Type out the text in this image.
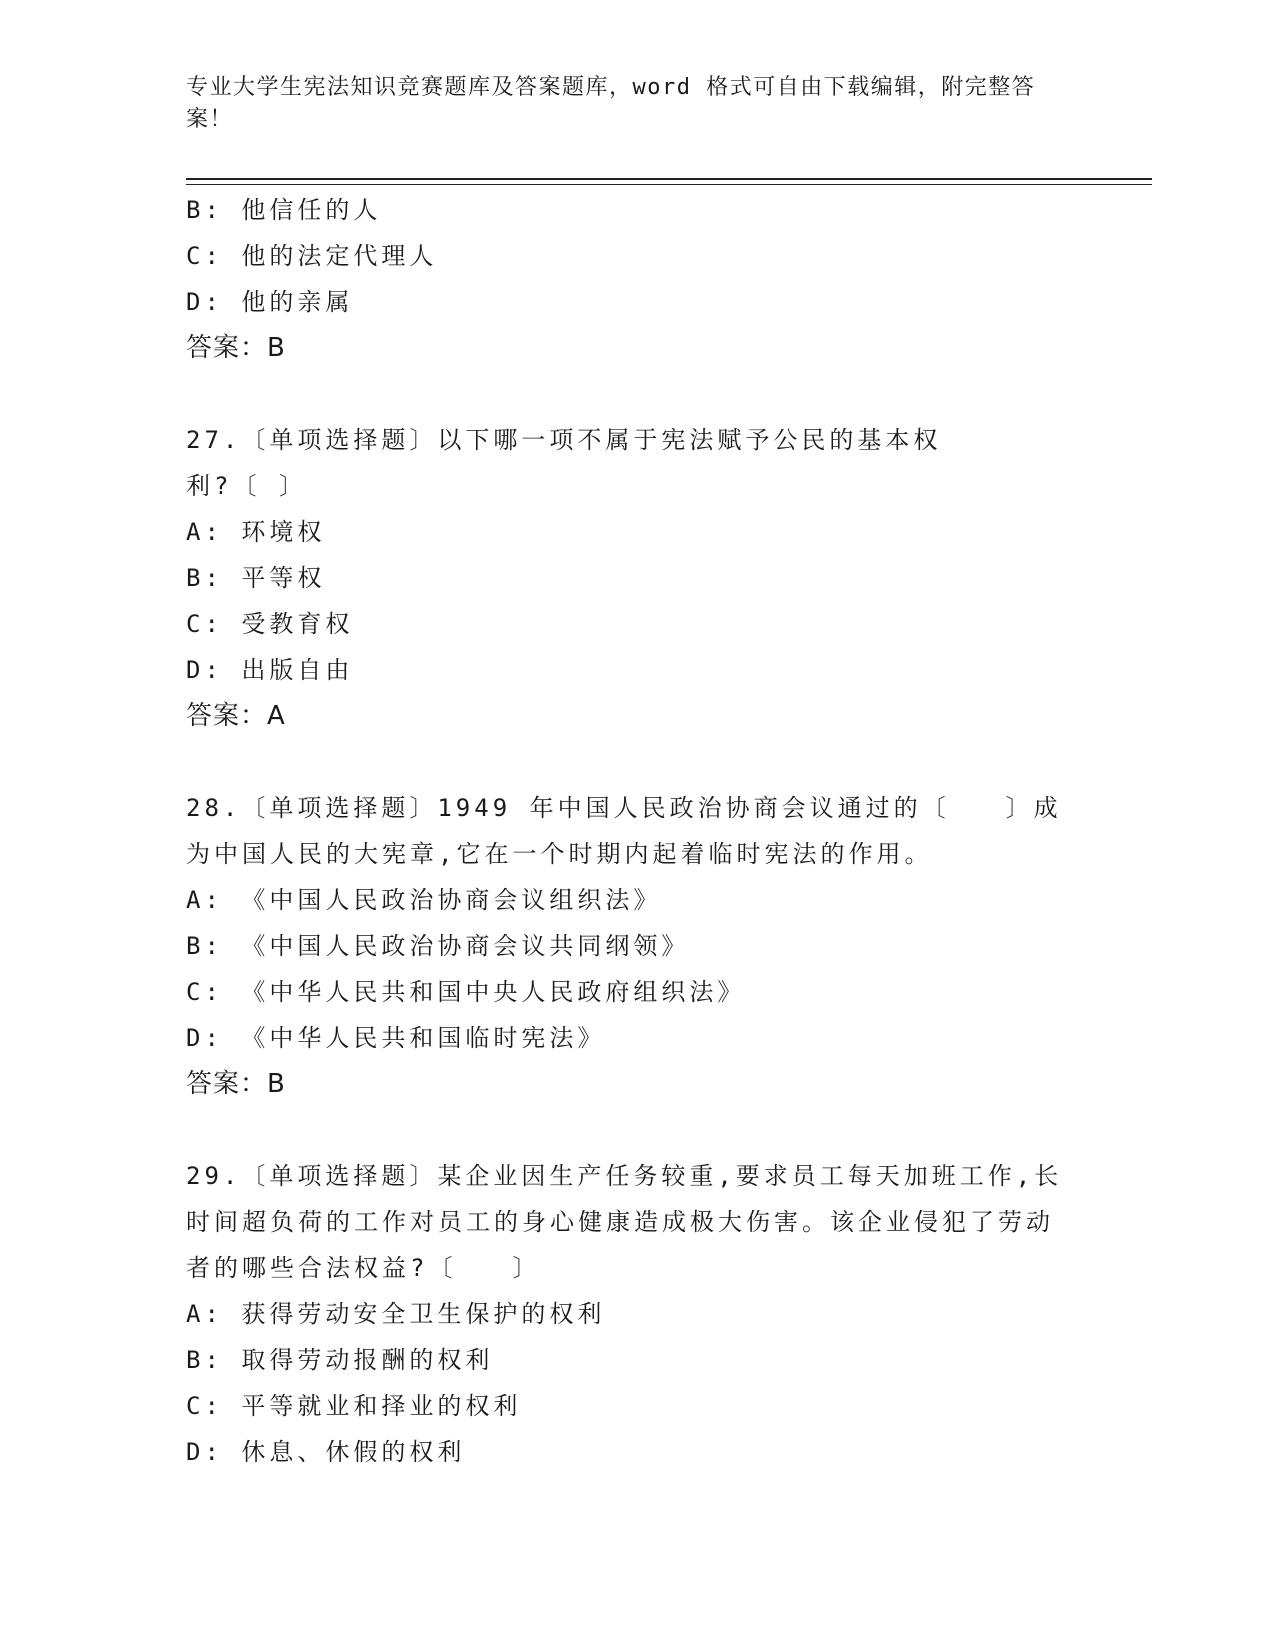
专业大学生宪法知识竞赛题库及答案题库，word 格式可自由下载编辑，附完整答案！
B: 他信任的人
C: 他的法定代理人
D: 他的亲属
答案：B
27.〔单项选择题〕以下哪一项不属于宪法赋予公民的基本权利?〔 〕
A: 环境权
B: 平等权
C: 受教育权
D: 出版自由
答案：A
28.〔单项选择题〕1949 年中国人民政治协商会议通过的〔　　〕成为中国人民的大宪章,它在一个时期内起着临时宪法的作用。
A: 《中国人民政治协商会议组织法》
B: 《中国人民政治协商会议共同纲领》
C: 《中华人民共和国中央人民政府组织法》
D: 《中华人民共和国临时宪法》
答案：B
29.〔单项选择题〕某企业因生产任务较重,要求员工每天加班工作,长时间超负荷的工作对员工的身心健康造成极大伤害。该企业侵犯了劳动者的哪些合法权益?〔　　〕
A: 获得劳动安全卫生保护的权利
B: 取得劳动报酬的权利
C: 平等就业和择业的权利
D: 休息、休假的权利
